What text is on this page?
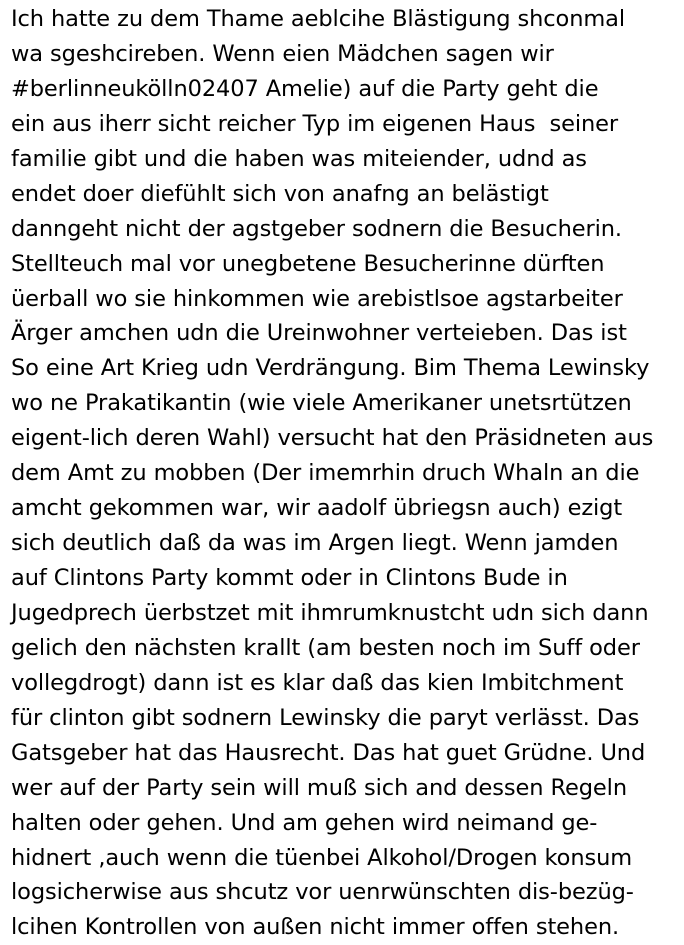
Ich hatte zu dem Thame aeblcihe Blästigung shconmal
wa sgeshcireben. Wenn eien Mädchen sagen wir
#berlinneukölln02407 Amelie) auf die Party geht die
ein aus iherr sicht reicher Typ im eigenen Haus  seiner
familie gibt und die haben was miteiender, udnd as
endet doer diefühlt sich von anafng an belästigt
danngeht nicht der agstgeber sodnern die Besucherin.
Stellteuch mal vor unegbetene Besucherinne dürften
üerball wo sie hinkommen wie arebistlsoe agstarbeiter
Ärger amchen udn die Ureinwohner verteieben. Das ist
So eine Art Krieg udn Verdrängung. Bim Thema Lewinsky
wo ne Prakatikantin (wie viele Amerikaner unetsrtützen
eigent-lich deren Wahl) versucht hat den Präsidneten aus
dem Amt zu mobben (Der imemrhin druch Whaln an die
amcht gekommen war, wir aadolf übriegsn auch) ezigt
sich deutlich daß da was im Argen liegt. Wenn jamden
auf Clintons Party kommt oder in Clintons Bude in
Jugedprech üerbstzet mit ihmrumknustcht udn sich dann
gelich den nächsten krallt (am besten noch im Suff oder
vollegdrogt) dann ist es klar daß das kien Imbitchment
für clinton gibt sodnern Lewinsky die paryt verlässt. Das
Gatsgeber hat das Hausrecht. Das hat guet Grüdne. Und
wer auf der Party sein will muß sich and dessen Regeln
halten oder gehen. Und am gehen wird neimand ge-
hidnert ,auch wenn die tüenbei Alkohol/Drogen konsum
logsicherwise aus shcutz vor uenrwünschten dis-bezüg-
lcihen Kontrollen von außen nicht immer offen stehen.
